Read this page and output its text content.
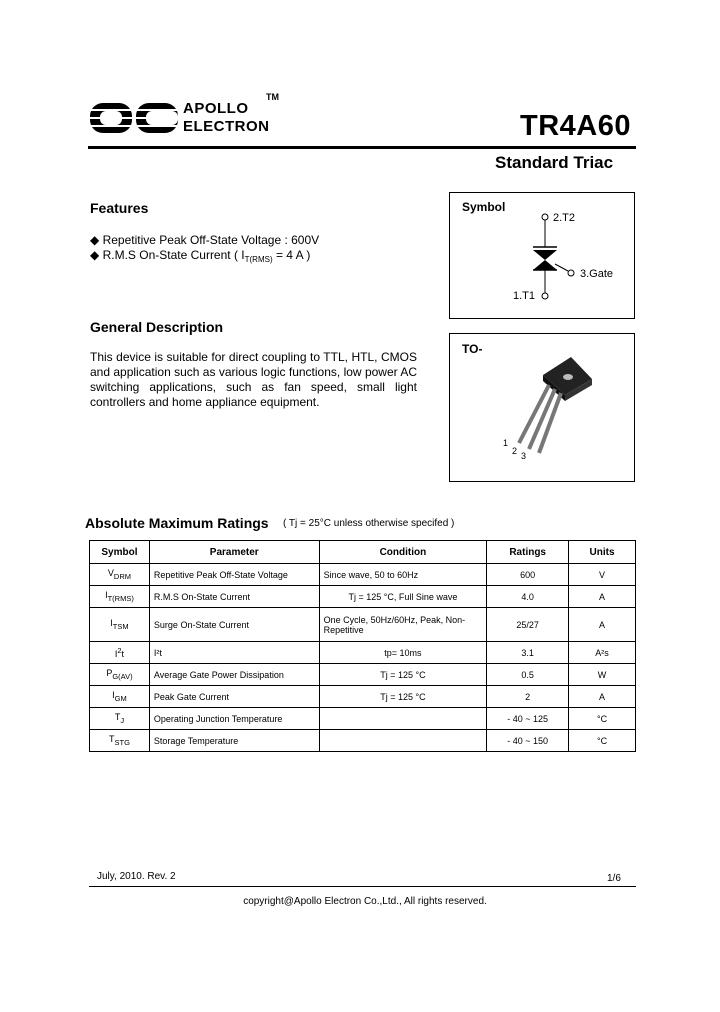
APOLLO
ELECTRON
TM
TR4A60
Standard Triac
Features
◆ Repetitive Peak Off-State Voltage : 600V
◆ R.M.S On-State Current ( $I_{T(RMS)} = 4$ A )
General Description
This device is suitable for direct coupling to TTL, HTL, CMOS and application such as various logic functions, low power AC switching applications, such as fan speed, small light controllers and home appliance equipment.
Symbol
2.T2
3.Gate
1.T1
TO-
1
2 3
Absolute Maximum Ratings ( Tj = 25°C unless otherwise specifed )
Symbol	Parameter	Condition	Ratings	Units
$V_{DRM}$	Repetitive Peak Off-State Voltage	Since wave, 50 to 60Hz	600	V
$I_{T(RMS)}$	R.M.S On-State Current	Tj = 125 °C, Full Sine wave	4.0	A
$I_{TSM}$	Surge On-State Current	One Cycle, 50Hz/60Hz, Peak, Non-Repetitive	25/27	A
$I^2t$	I²t	tp= 10ms	3.1	A²s
$P_{G(AV)}$	Average Gate Power Dissipation	Tj = 125 °C	0.5	W
$I_{GM}$	Peak Gate Current	Tj = 125 °C	2	A
$T_J$	Operating Junction Temperature		- 40 ~ 125	°C
$T_{STG}$	Storage Temperature		- 40 ~ 150	°C
July, 2010. Rev. 2	1/6
copyright@Apollo Electron Co.,Ltd., All rights reserved.
